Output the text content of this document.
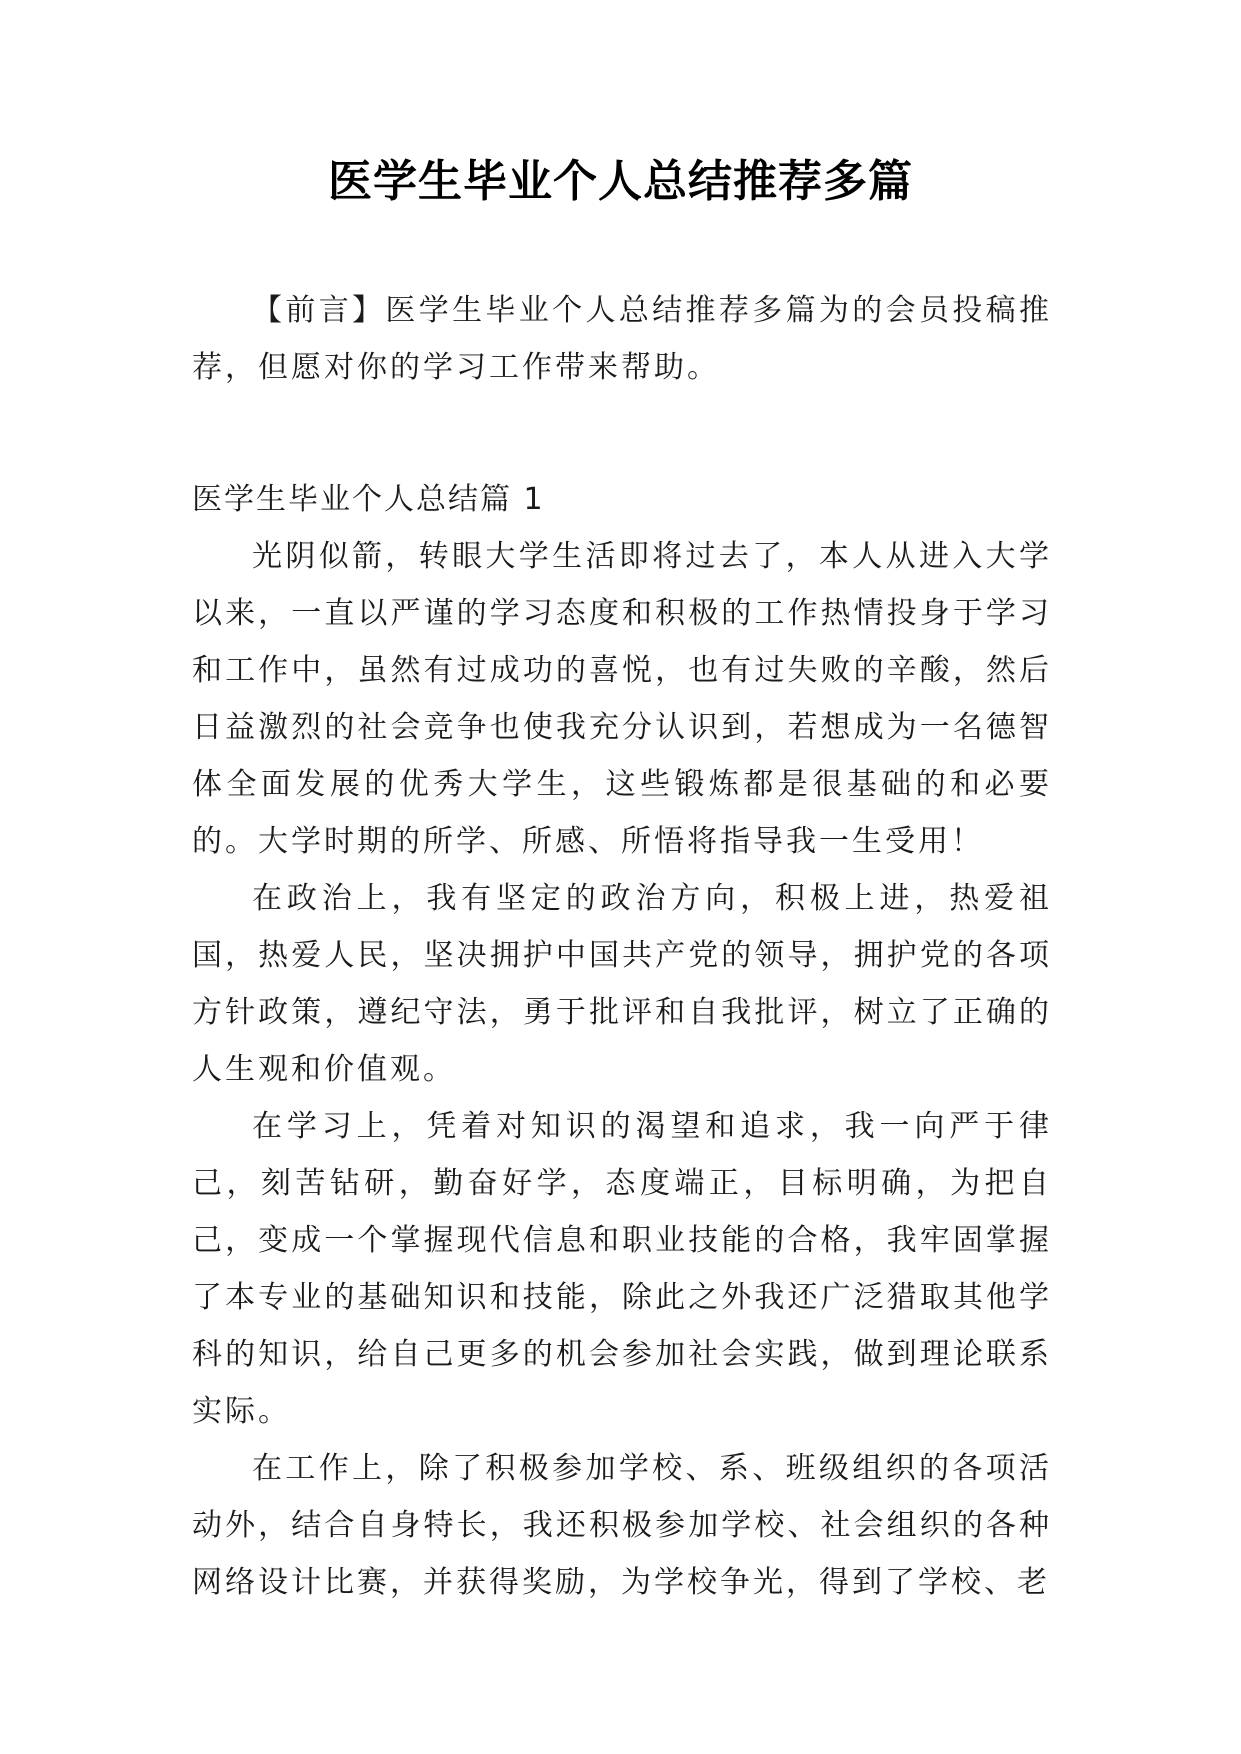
医学生毕业个人总结推荐多篇

【前言】医学生毕业个人总结推荐多篇为的会员投稿推荐，但愿对你的学习工作带来帮助。

医学生毕业个人总结篇 1

光阴似箭，转眼大学生活即将过去了，本人从进入大学以来，一直以严谨的学习态度和积极的工作热情投身于学习和工作中，虽然有过成功的喜悦，也有过失败的辛酸，然后日益激烈的社会竞争也使我充分认识到，若想成为一名德智体全面发展的优秀大学生，这些锻炼都是很基础的和必要的。大学时期的所学、所感、所悟将指导我一生受用！

在政治上，我有坚定的政治方向，积极上进，热爱祖国，热爱人民，坚决拥护中国共产党的领导，拥护党的各项方针政策，遵纪守法，勇于批评和自我批评，树立了正确的人生观和价值观。

在学习上，凭着对知识的渴望和追求，我一向严于律己，刻苦钻研，勤奋好学，态度端正，目标明确，为把自己，变成一个掌握现代信息和职业技能的合格，我牢固掌握了本专业的基础知识和技能，除此之外我还广泛猎取其他学科的知识，给自己更多的机会参加社会实践，做到理论联系实际。

在工作上，除了积极参加学校、系、班级组织的各项活动外，结合自身特长，我还积极参加学校、社会组织的各种网络设计比赛，并获得奖励，为学校争光，得到了学校、老
